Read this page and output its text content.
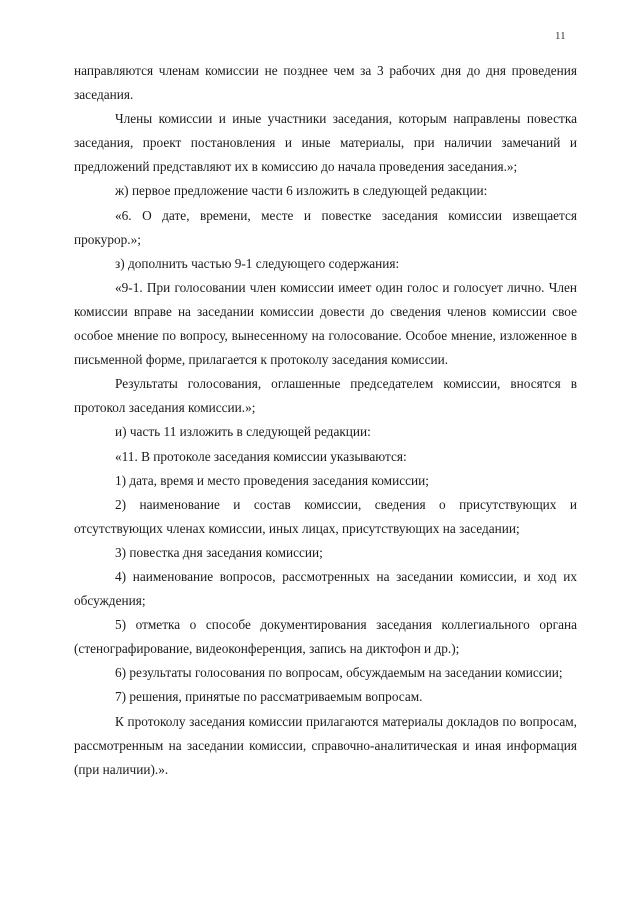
11

направляются членам комиссии не позднее чем за 3 рабочих дня до дня проведения заседания.

Члены комиссии и иные участники заседания, которым направлены повестка заседания, проект постановления и иные материалы, при наличии замечаний и предложений представляют их в комиссию до начала проведения заседания.»;

ж) первое предложение части 6 изложить в следующей редакции:

«6. О дате, времени, месте и повестке заседания комиссии извещается прокурор.»;

з) дополнить частью 9-1 следующего содержания:

«9-1. При голосовании член комиссии имеет один голос и голосует лично. Член комиссии вправе на заседании комиссии довести до сведения членов комиссии свое особое мнение по вопросу, вынесенному на голосование. Особое мнение, изложенное в письменной форме, прилагается к протоколу заседания комиссии.

Результаты голосования, оглашенные председателем комиссии, вносятся в протокол заседания комиссии.»;

и) часть 11 изложить в следующей редакции:

«11. В протоколе заседания комиссии указываются:

1) дата, время и место проведения заседания комиссии;

2) наименование и состав комиссии, сведения о присутствующих и отсутствующих членах комиссии, иных лицах, присутствующих на заседании;

3) повестка дня заседания комиссии;

4) наименование вопросов, рассмотренных на заседании комиссии, и ход их обсуждения;

5) отметка о способе документирования заседания коллегиального органа (стенографирование, видеоконференция, запись на диктофон и др.);

6) результаты голосования по вопросам, обсуждаемым на заседании комиссии;

7) решения, принятые по рассматриваемым вопросам.

К протоколу заседания комиссии прилагаются материалы докладов по вопросам, рассмотренным на заседании комиссии, справочно-аналитическая и иная информация (при наличии).».
